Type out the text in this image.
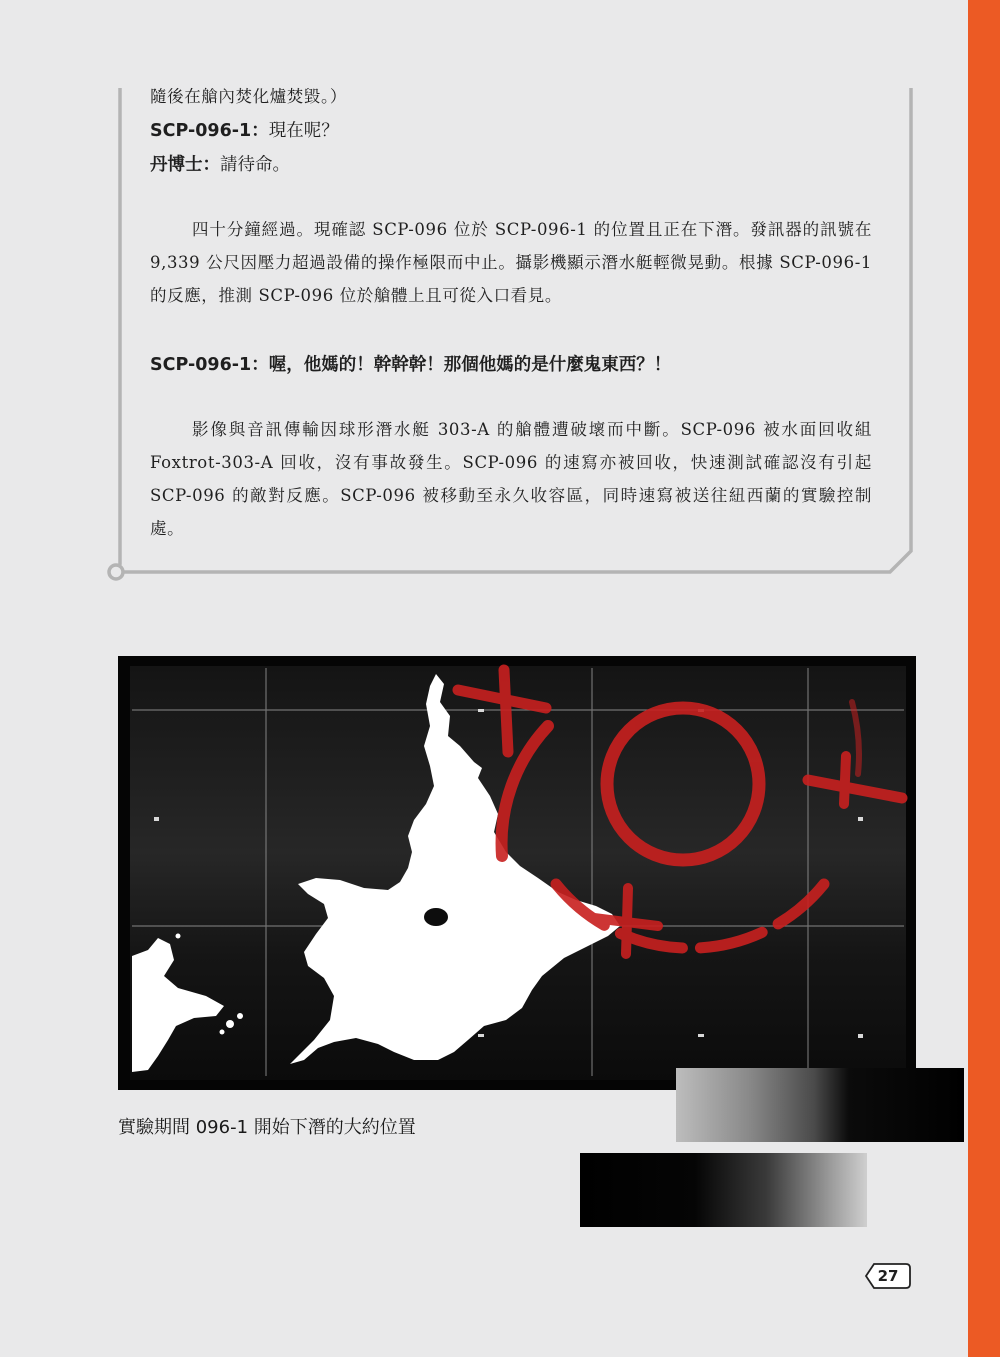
隨後在艙內焚化爐焚毀。）

SCP-096-1：現在呢？

丹博士：請待命。

四十分鐘經過。現確認 SCP-096 位於 SCP-096-1 的位置且正在下潛。發訊器的訊號在 9,339 公尺因壓力超過設備的操作極限而中止。攝影機顯示潛水艇輕微晃動。根據 SCP-096-1 的反應，推測 SCP-096 位於艙體上且可從入口看見。

SCP-096-1：喔，他媽的！幹幹幹！那個他媽的是什麼鬼東西？！

影像與音訊傳輸因球形潛水艇 303-A 的艙體遭破壞而中斷。SCP-096 被水面回收組 Foxtrot-303-A 回收，沒有事故發生。SCP-096 的速寫亦被回收，快速測試確認沒有引起 SCP-096 的敵對反應。SCP-096 被移動至永久收容區，同時速寫被送往紐西蘭的實驗控制處。

實驗期間 096-1 開始下潛的大約位置

27
